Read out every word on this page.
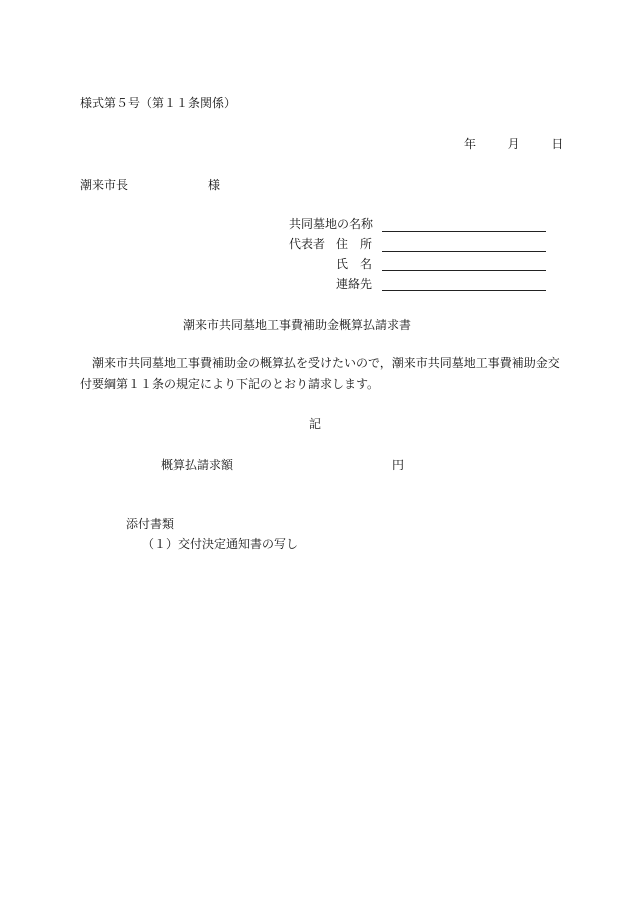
様式第５号（第１１条関係）
年	月	日
潮来市長	様
共同墓地の名称
代表者 住　所
氏　名
連絡先
潮来市共同墓地工事費補助金概算払請求書
潮来市共同墓地工事費補助金の概算払を受けたいので，潮来市共同墓地工事費補助金交
付要綱第１１条の規定により下記のとおり請求します。
記
概算払請求額	円
添付書類
（１）交付決定通知書の写し
